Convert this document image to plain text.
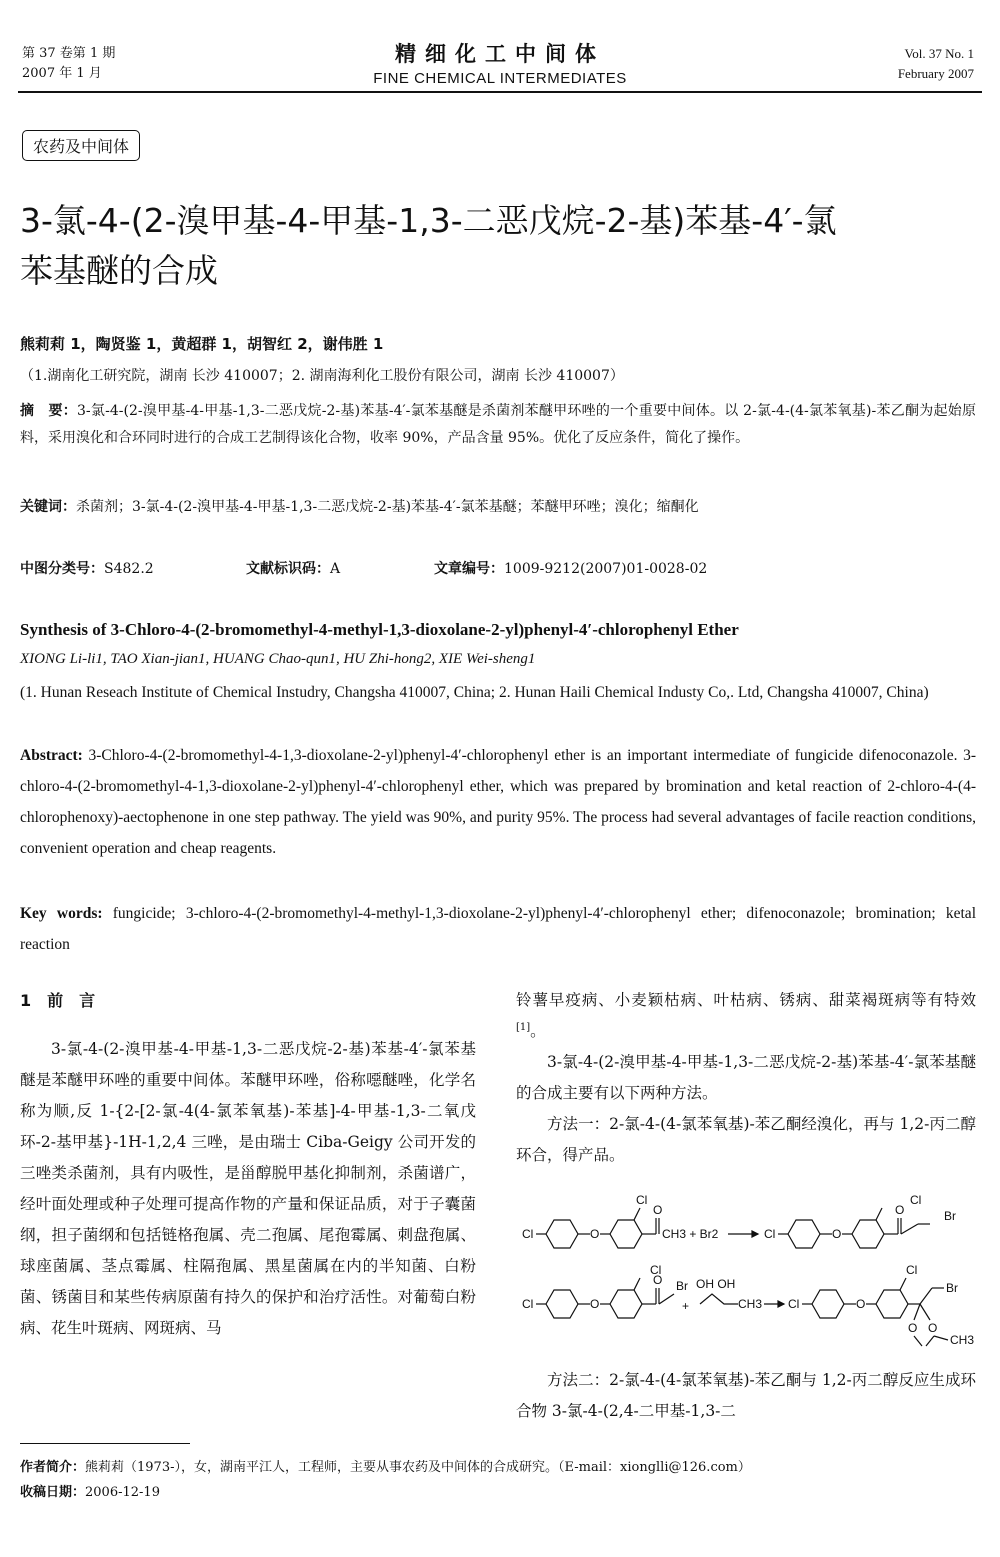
第 37 卷第 1 期
2007 年 1 月
精细化工中间体
FINE CHEMICAL INTERMEDIATES
Vol. 37 No. 1
February 2007
农药及中间体
3-氯-4-(2-溴甲基-4-甲基-1,3-二恶戊烷-2-基)苯基-4′-氯
苯基醚的合成
熊莉莉 1，陶贤鉴 1，黄超群 1，胡智红 2，谢伟胜 1
（1.湖南化工研究院，湖南 长沙 410007；2. 湖南海利化工股份有限公司，湖南 长沙 410007）
摘　要：3-氯-4-(2-溴甲基-4-甲基-1,3-二恶戊烷-2-基)苯基-4′-氯苯基醚是杀菌剂苯醚甲环唑的一个重要中间体。以 2-氯-4-(4-氯苯氧基)-苯乙酮为起始原料，采用溴化和合环同时进行的合成工艺制得该化合物，收率 90%，产品含量 95%。优化了反应条件，简化了操作。
关键词：杀菌剂；3-氯-4-(2-溴甲基-4-甲基-1,3-二恶戊烷-2-基)苯基-4′-氯苯基醚；苯醚甲环唑；溴化；缩酮化
中图分类号：S482.2	文献标识码：A	文章编号：1009-9212(2007)01-0028-02
Synthesis of 3-Chloro-4-(2-bromomethyl-4-methyl-1,3-dioxolane-2-yl)phenyl-4′-chlorophenyl Ether
XIONG Li-li1, TAO Xian-jian1, HUANG Chao-qun1, HU Zhi-hong2, XIE Wei-sheng1
(1. Hunan Reseach Institute of Chemical Instudry, Changsha 410007, China; 2. Hunan Haili Chemical Industy Co,. Ltd, Changsha 410007, China)
Abstract: 3-Chloro-4-(2-bromomethyl-4-1,3-dioxolane-2-yl)phenyl-4′-chlorophenyl ether is an important intermediate of fungicide difenoconazole. 3-chloro-4-(2-bromomethyl-4-1,3-dioxolane-2-yl)phenyl-4′-chlorophenyl ether, which was prepared by bromination and ketal reaction of 2-chloro-4-(4-chlorophenoxy)-aectophenone in one step pathway. The yield was 90%, and purity 95%. The process had several advantages of facile reaction conditions, convenient operation and cheap reagents.
Key words: fungicide; 3-chloro-4-(2-bromomethyl-4-methyl-1,3-dioxolane-2-yl)phenyl-4′-chlorophenyl ether; difenoconazole; bromination; ketal reaction
1　前　言
3-氯-4-(2-溴甲基-4-甲基-1,3-二恶戊烷-2-基)苯基-4′-氯苯基醚是苯醚甲环唑的重要中间体。苯醚甲环唑，俗称噁醚唑，化学名称为顺,反 1-{2-[2-氯-4(4-氯苯氧基)-苯基]-4-甲基-1,3-二氧戊环-2-基甲基}-1H-1,2,4 三唑，是由瑞士 Ciba-Geigy 公司开发的三唑类杀菌剂，具有内吸性，是甾醇脱甲基化抑制剂，杀菌谱广，经叶面处理或种子处理可提高作物的产量和保证品质，对于子囊菌纲，担子菌纲和包括链格孢属、壳二孢属、尾孢霉属、刺盘孢属、球座菌属、茎点霉属、柱隔孢属、黑星菌属在内的半知菌、白粉菌、锈菌目和某些传病原菌有持久的保护和治疗活性。对葡萄白粉病、花生叶斑病、网斑病、马
铃薯早疫病、小麦颖枯病、叶枯病、锈病、甜菜褐斑病等有特效[1]。
3-氯-4-(2-溴甲基-4-甲基-1,3-二恶戊烷-2-基)苯基-4′-氯苯基醚的合成主要有以下两种方法。
方法一：2-氯-4-(4-氯苯氧基)-苯乙酮经溴化，再与 1,2-丙二醇环合，得产品。
Cl	O
Cl
O
CH3 + Br2	Cl	O
Cl
O	Br
Cl	O
Cl
O Br
+
OH OH
CH3 Cl	O
Cl
Br
O O
CH3
方法二：2-氯-4-(4-氯苯氧基)-苯乙酮与 1,2-丙二醇反应生成环合物 3-氯-4-(2,4-二甲基-1,3-二
作者简介：熊莉莉（1973-），女，湖南平江人，工程师，主要从事农药及中间体的合成研究。（E-mail：xionglli@126.com）
收稿日期：2006-12-19
